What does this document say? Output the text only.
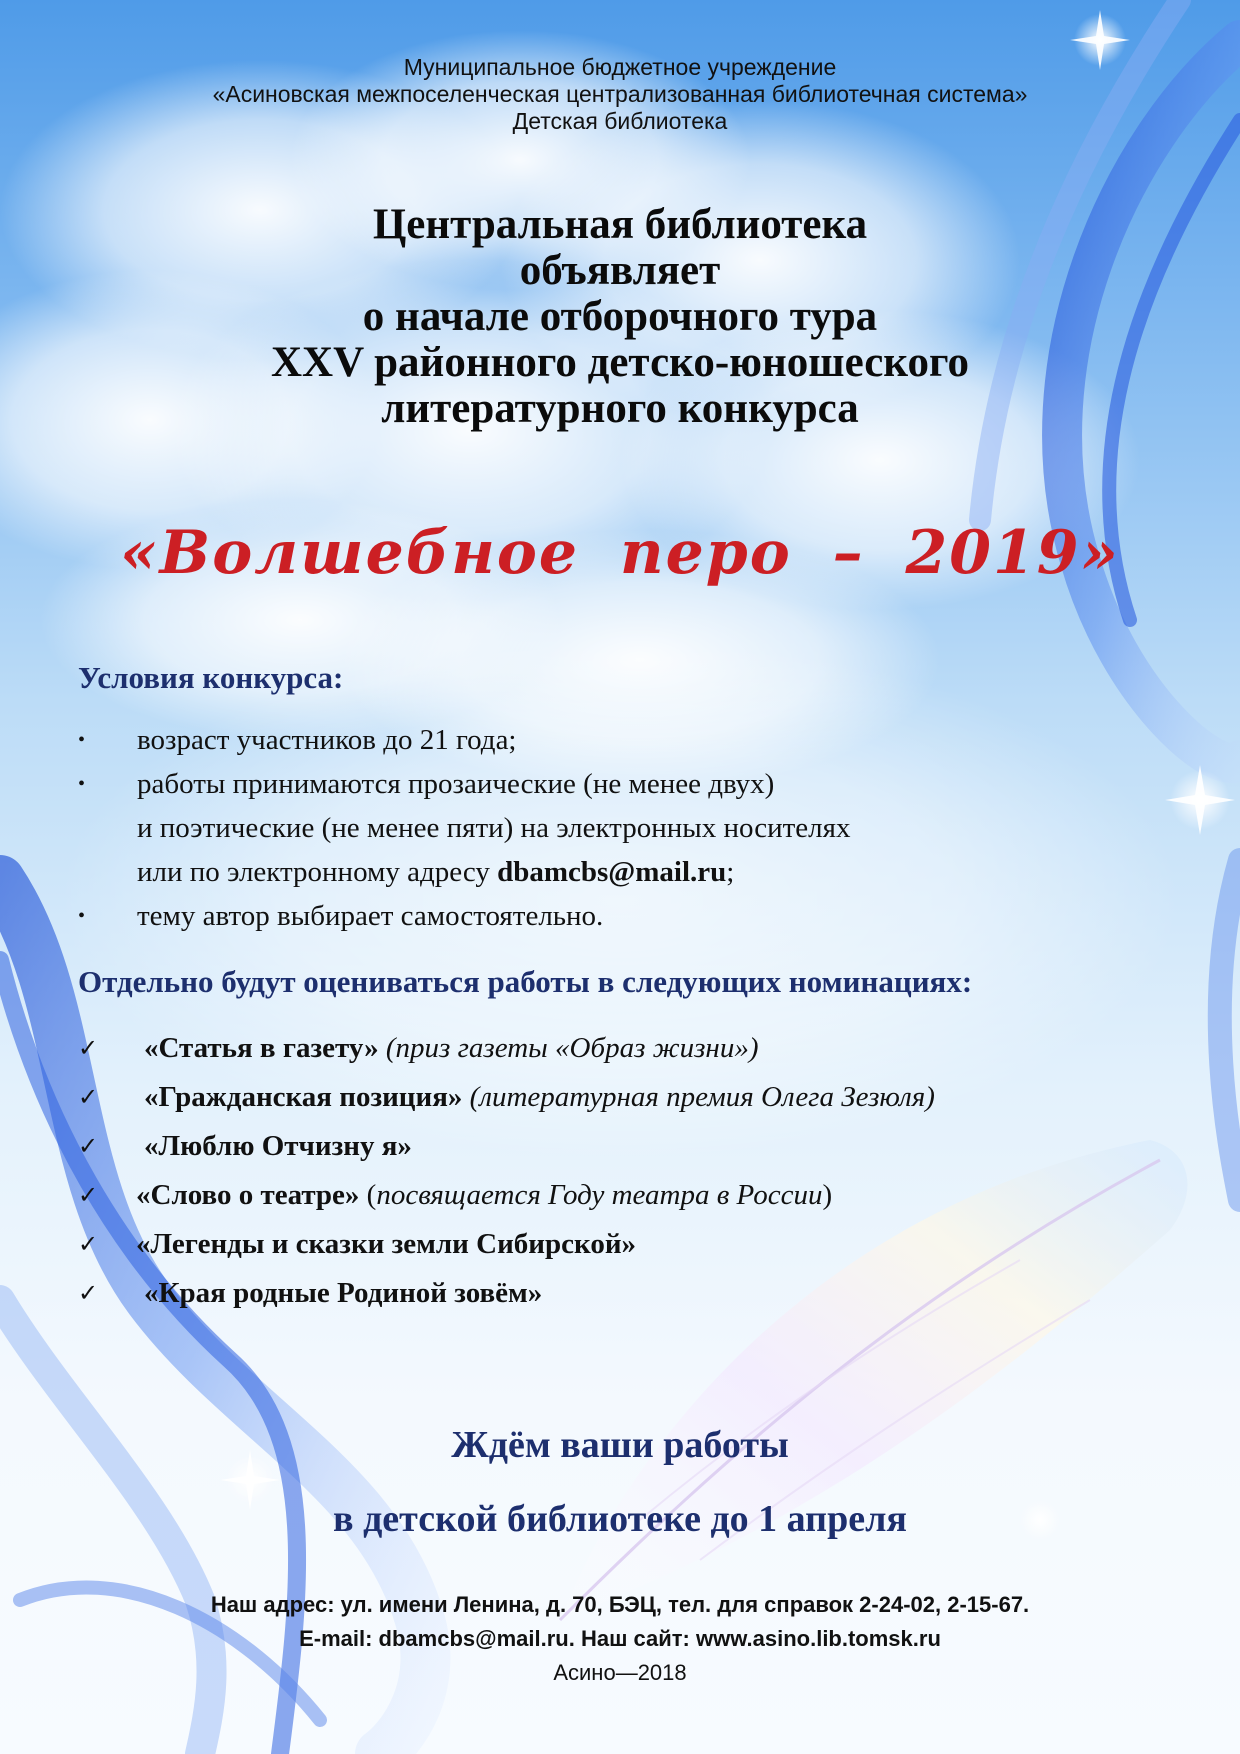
Муниципальное бюджетное учреждение
«Асиновская межпоселенческая централизованная библиотечная система»
Детская библиотека
Центральная библиотека
объявляет
о начале отборочного тура
XXV районного детско-юношеского
литературного конкурса
«Волшебное перо – 2019»
Условия конкурса:
•	возраст участников до 21 года;
•	работы принимаются прозаические (не менее двух)
и поэтические (не менее пяти) на электронных носителях
или по электронному адресу dbamcbs@mail.ru;
•	тему автор выбирает самостоятельно.
Отдельно будут оцениваться работы в следующих номинациях:
✓ «Статья в газету» (приз газеты «Образ жизни»)
✓ «Гражданская позиция» (литературная премия Олега Зезюля)
✓ «Люблю Отчизну я»
✓ «Слово о театре» (посвящается Году театра в России)
✓ «Легенды и сказки земли Сибирской»
✓ «Края родные Родиной зовём»
Ждём ваши работы
в детской библиотеке до 1 апреля
Наш адрес: ул. имени Ленина, д. 70, БЭЦ, тел. для справок 2-24-02, 2-15-67.
E-mail: dbamcbs@mail.ru. Наш сайт: www.asino.lib.tomsk.ru
Асино—2018
